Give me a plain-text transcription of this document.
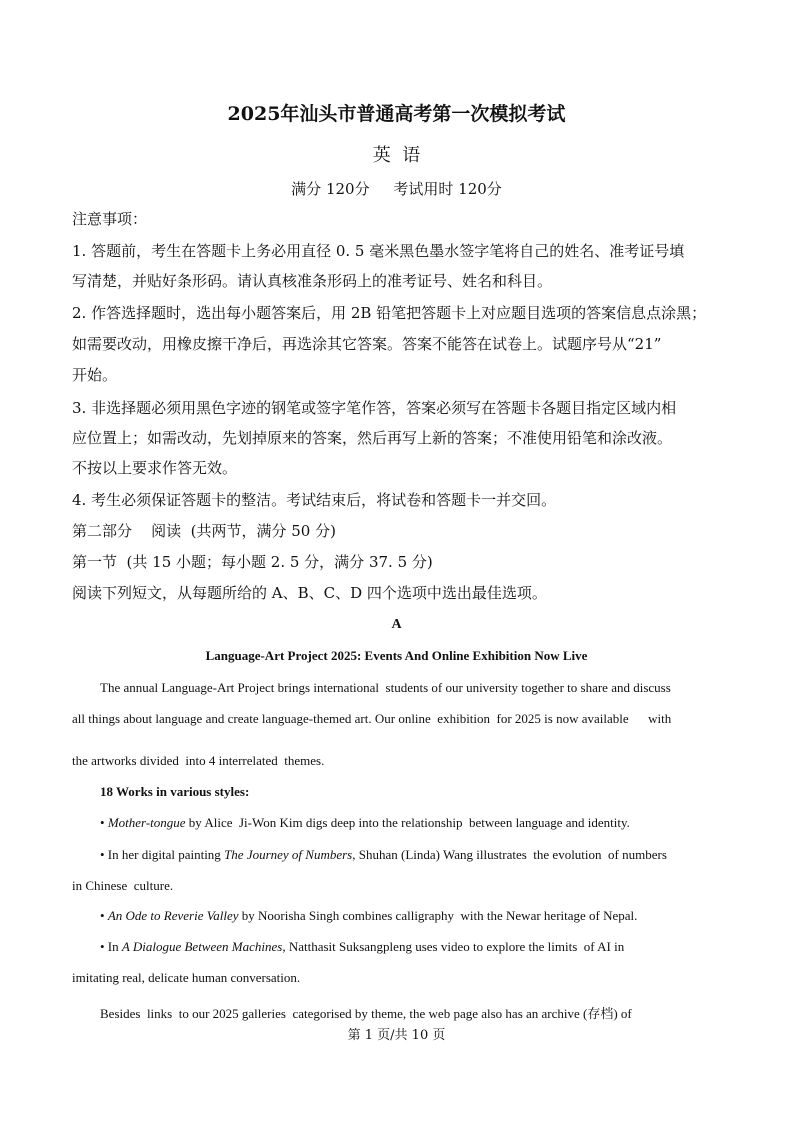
2025年汕头市普通高考第一次模拟考试
英  语
满分 120分     考试用时 120分
注意事项：
1. 答题前，考生在答题卡上务必用直径 0. 5 毫米黑色墨水签字笔将自己的姓名、准考证号填
写清楚，并贴好条形码。请认真核准条形码上的准考证号、姓名和科目。
2. 作答选择题时，选出每小题答案后，用 2B 铅笔把答题卡上对应题目选项的答案信息点涂黑；
如需要改动，用橡皮擦干净后，再选涂其它答案。答案不能答在试卷上。试题序号从“21”
开始。
3. 非选择题必须用黑色字迹的钢笔或签字笔作答，答案必须写在答题卡各题目指定区域内相
应位置上；如需改动，先划掉原来的答案，然后再写上新的答案；不准使用铅笔和涂改液。
不按以上要求作答无效。
4. 考生必须保证答题卡的整洁。考试结束后，将试卷和答题卡一并交回。
第二部分    阅读  (共两节，满分 50 分)
第一节  (共 15 小题；每小题 2. 5 分，满分 37. 5 分)
阅读下列短文，从每题所给的 A、B、C、D 四个选项中选出最佳选项。
A
Language-Art Project 2025: Events And Online Exhibition Now Live
The annual Language-Art Project brings international  students of our university together to share and discuss
all things about language and create language-themed art. Our online  exhibition  for 2025 is now available      with
the artworks divided  into 4 interrelated  themes.
18 Works in various styles:
• Mother-tongue by Alice  Ji-Won Kim digs deep into the relationship  between language and identity.
• In her digital painting The Journey of Numbers, Shuhan (Linda) Wang illustrates  the evolution  of numbers
in Chinese  culture.
• An Ode to Reverie Valley by Noorisha Singh combines calligraphy  with the Newar heritage of Nepal.
• In A Dialogue Between Machines, Natthasit Suksangpleng uses video to explore the limits  of AI in
imitating real, delicate human conversation.
Besides  links  to our 2025 galleries  categorised by theme, the web page also has an archive (存档) of
第 1 页/共 10 页
